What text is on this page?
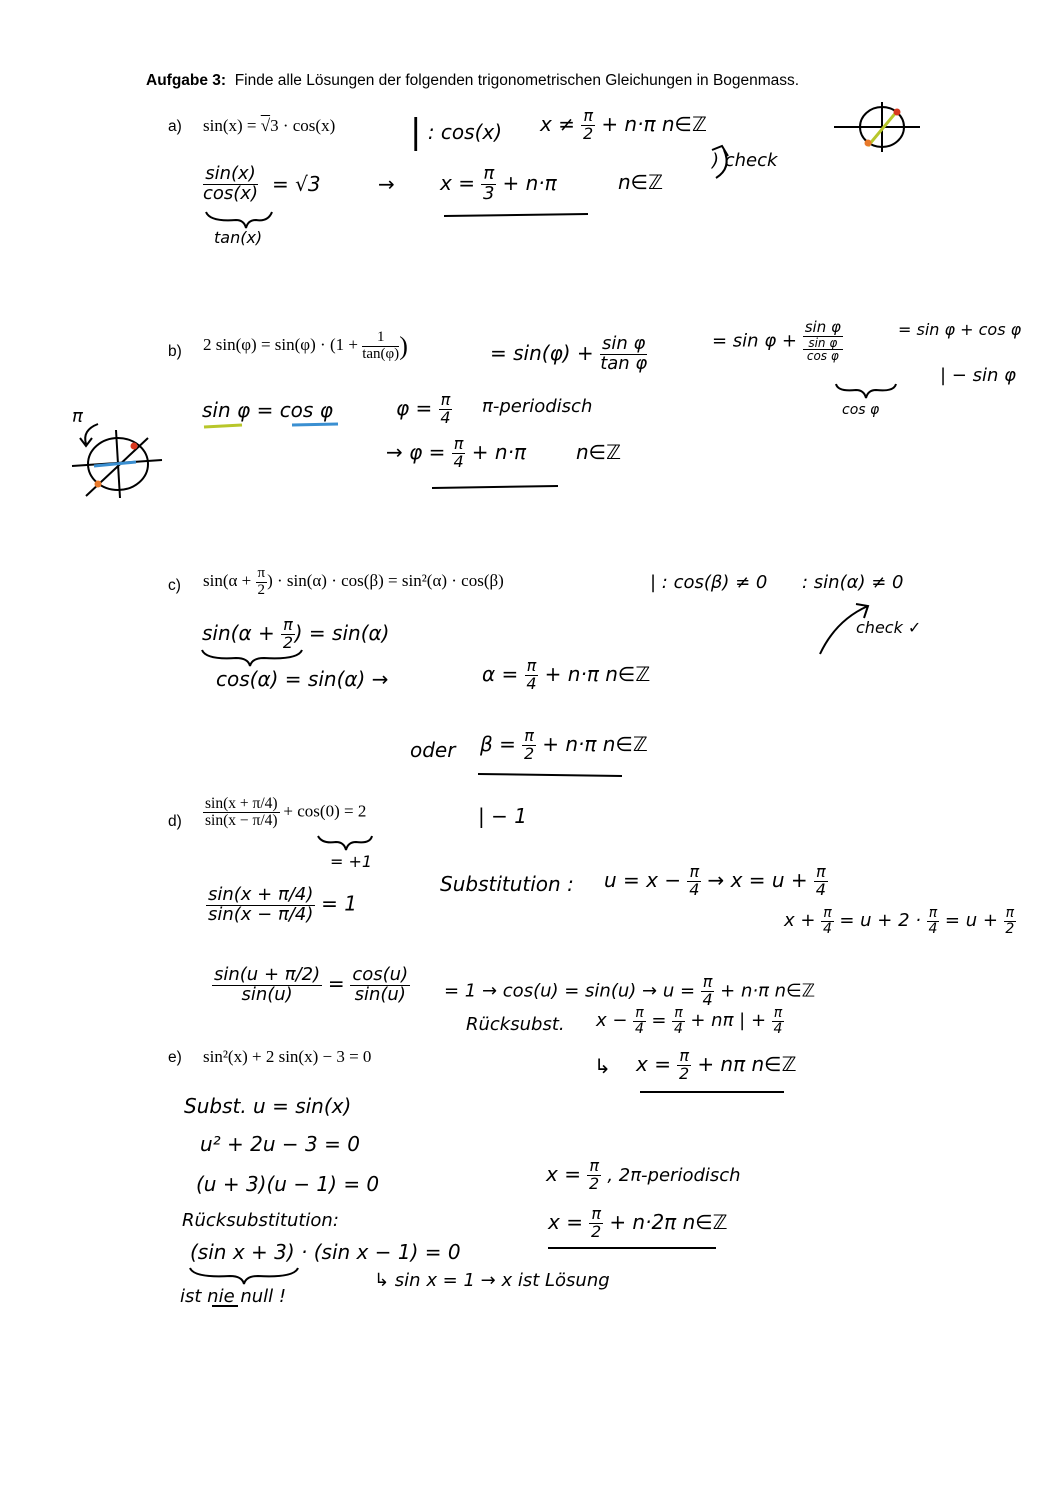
Aufgabe 3: Finde alle Lösungen der folgenden trigonometrischen Gleichungen in Bogenmass.
a) sin(x) = √3 · cos(x) | : cos(x) $x \ne \frac{\pi}{2} + n\cdot\pi$ n∈ℤ
$\frac{\sin(x)}{\cos(x)} = √3$
tan(x)
→ $x = \frac{\pi}{3} + n\cdot\pi$	n∈ℤ
) check
b) 2 $\sin(\varphi) = \sin(\varphi) \cdot (1 + \frac{1}{\tan(\varphi)}$ )	= $\sin(\varphi) + \frac{\text{sin φ}}{\text{tan φ}}$	= sin φ + sin φ
sin φ
cos φ
cos φ
= sin φ + cos φ
| − sin φ
π	sin φ = cos φ	$\varphi = \frac{\pi}{4}$ π-periodisch
→ $\varphi = \frac{\pi}{4} + n\cdot\pi$	n∈ℤ
c) $\sin(\alpha + \frac{\pi}{2}$ ) · sin(α) · cos(β) = sin²(α) · cos(β)	| : cos(β) ≠ 0 : sin(α) ≠ 0
check ✓
$\sin(\alpha + \frac{\pi}{2}$ ) = sin(α)
cos(α) = sin(α) →	$\alpha = \frac{\pi}{4} + n\cdot\pi$ n∈ℤ
oder $\beta = \frac{\pi}{2} + n\cdot\pi$ n∈ℤ
$d) \frac{\sin(x + \pi/4)}{\sin(x - \pi/4)} + \cos(0) = 2$
= +1
| − 1
$\frac{\sin(x + \pi/4)}{\sin(x - \pi/4)} = 1$
Substitution : $u = x - \frac{\pi}{4} \to x = u + \frac{\pi}{4}$
$x + \frac{\pi}{4} = u + 2 \cdot \frac{\pi}{4} = u + \frac{\pi}{2}$
$\frac{\sin(u + \pi/2)}{\sin(u)} = \frac{\cos(u)}{\sin(u)} = 1 \to \cos(u) = \sin(u) \to u = \frac{\pi}{4} + n\cdot\pi$ n∈ℤ
Rücksubst. $x - \frac{\pi}{4} = \frac{\pi}{4} + n\pi$ | + $\frac{\pi}{4}$
↳ $x = \frac{\pi}{2} + n\pi$ n∈ℤ
e) sin²(x) + 2 sin(x) − 3 = 0
Subst. u = sin(x)
u² + 2u − 3 = 0
(u + 3)(u − 1) = 0
Rücksubstitution:
(sin x + 3) · (sin x − 1) = 0
ist nie null !
↳ sin x = 1 → x ist Lösung
$x = \frac{\pi}{2}$ , 2π-periodisch
$x = \frac{\pi}{2} + n\cdot 2\pi$ n∈ℤ
